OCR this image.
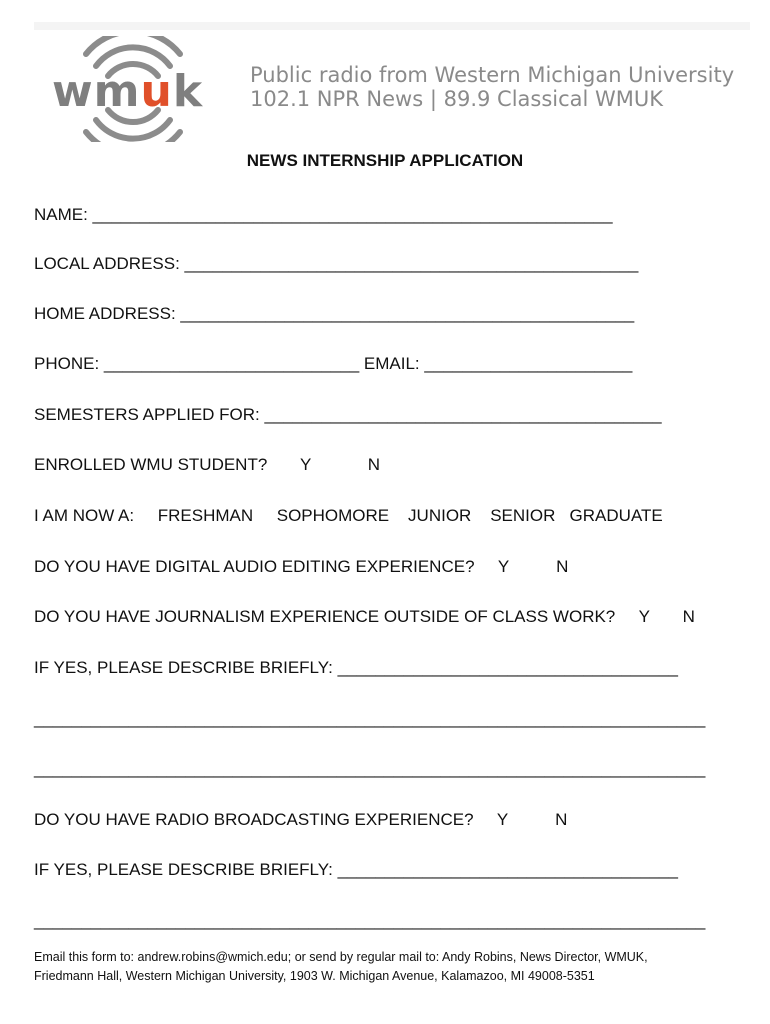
wmuk Public radio from Western Michigan University
102.1 NPR News | 89.9 Classical WMUK
NEWS INTERNSHIP APPLICATION
NAME: _______________________________________________________
LOCAL ADDRESS: ________________________________________________
HOME ADDRESS: ________________________________________________
PHONE: ___________________________ EMAIL: ______________________
SEMESTERS APPLIED FOR: __________________________________________
ENROLLED WMU STUDENT?       Y            N
I AM NOW A:     FRESHMAN     SOPHOMORE    JUNIOR    SENIOR   GRADUATE
DO YOU HAVE DIGITAL AUDIO EDITING EXPERIENCE?     Y          N
DO YOU HAVE JOURNALISM EXPERIENCE OUTSIDE OF CLASS WORK?     Y       N
IF YES, PLEASE DESCRIBE BRIEFLY: ____________________________________
_______________________________________________________________________
_______________________________________________________________________
DO YOU HAVE RADIO BROADCASTING EXPERIENCE?     Y          N
IF YES, PLEASE DESCRIBE BRIEFLY: ____________________________________
_______________________________________________________________________
Email this form to: andrew.robins@wmich.edu; or send by regular mail to: Andy Robins, News Director, WMUK,
Friedmann Hall, Western Michigan University, 1903 W. Michigan Avenue, Kalamazoo, MI 49008-5351
